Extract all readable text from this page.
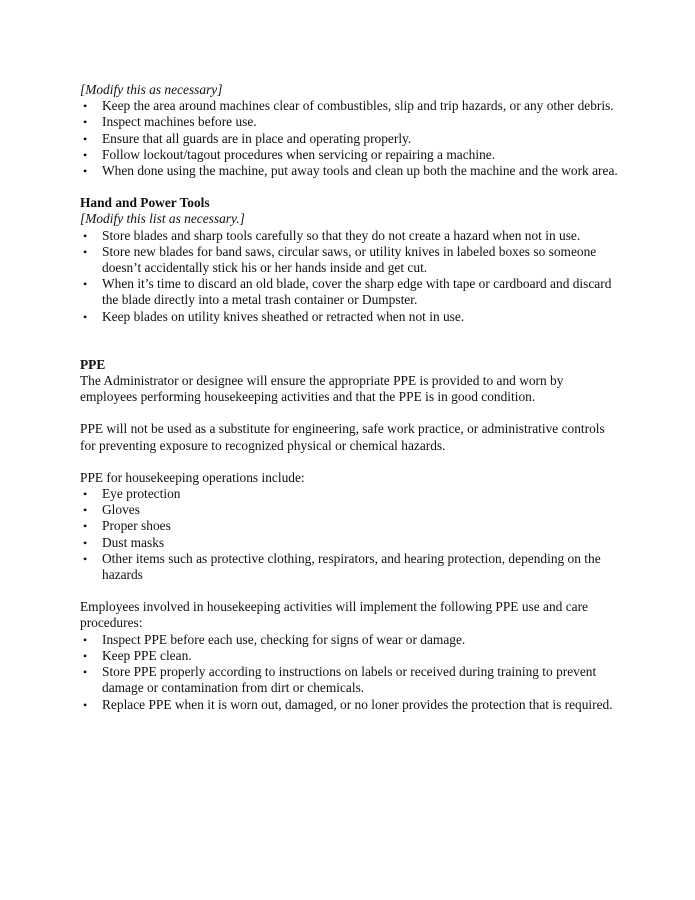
[Modify this as necessary]

• Keep the area around machines clear of combustibles, slip and trip hazards, or any other debris.
• Inspect machines before use.
• Ensure that all guards are in place and operating properly.
• Follow lockout/tagout procedures when servicing or repairing a machine.
• When done using the machine, put away tools and clean up both the machine and the work area.

Hand and Power Tools

[Modify this list as necessary.]

• Store blades and sharp tools carefully so that they do not create a hazard when not in use.
• Store new blades for band saws, circular saws, or utility knives in labeled boxes so someone doesn’t accidentally stick his or her hands inside and get cut.
• When it’s time to discard an old blade, cover the sharp edge with tape or cardboard and discard the blade directly into a metal trash container or Dumpster.
• Keep blades on utility knives sheathed or retracted when not in use.

PPE

The Administrator or designee will ensure the appropriate PPE is provided to and worn by employees performing housekeeping activities and that the PPE is in good condition.

PPE will not be used as a substitute for engineering, safe work practice, or administrative controls for preventing exposure to recognized physical or chemical hazards.

PPE for housekeeping operations include:

• Eye protection
• Gloves
• Proper shoes
• Dust masks
• Other items such as protective clothing, respirators, and hearing protection, depending on the hazards

Employees involved in housekeeping activities will implement the following PPE use and care procedures:

• Inspect PPE before each use, checking for signs of wear or damage.
• Keep PPE clean.
• Store PPE properly according to instructions on labels or received during training to prevent damage or contamination from dirt or chemicals.
• Replace PPE when it is worn out, damaged, or no loner provides the protection that is required.
